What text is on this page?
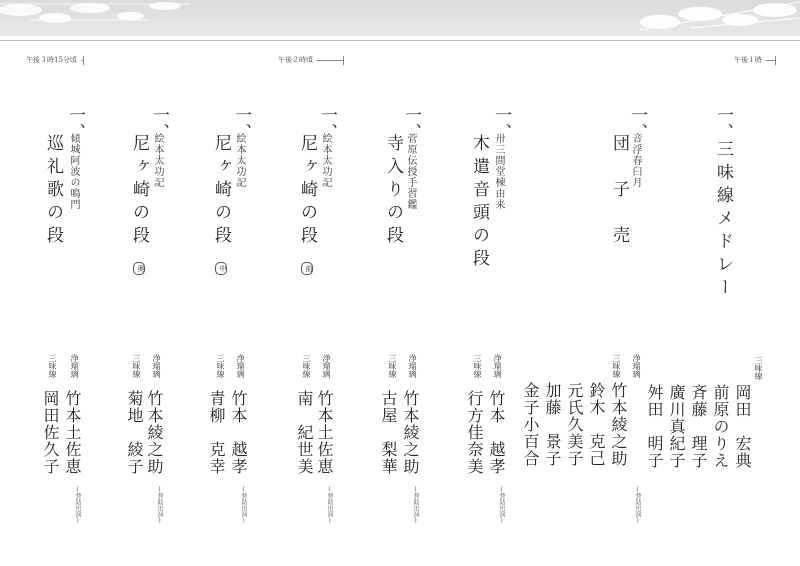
午後３時15分頃	午後２時頃	午後１時
一、
三味線メドレー
三味線
岡田　宏典
前原のりえ
斉藤　理子
廣川真紀子
舛田　明子
一、
音浮春臼月
団　子　売
浄瑠璃
竹本綾之助
(賛助出演)
三味線
鈴木　克己
元氏久美子
加藤　景子
金子小百合
一、
卅三間堂棟由来
木遣音頭の段
浄瑠璃
竹本　越孝
(賛助出演)
三味線
行方佳奈美
一、
菅原伝授手習鑑
寺入りの段
浄瑠璃
竹本綾之助
(賛助出演)
三味線
古屋　梨華
一、
絵本太功記
尼ヶ崎の段
前
浄瑠璃
竹本土佐恵
(賛助出演)
三味線
南　紀世美
一、
絵本太功記
尼ヶ崎の段
中
浄瑠璃
竹本　越孝
(賛助出演)
三味線
青柳　克幸
一、
絵本太功記
尼ヶ崎の段
奥
浄瑠璃
竹本綾之助
(賛助出演)
三味線
菊地　綾子
一、
傾城阿波の鳴門
巡礼歌の段
浄瑠璃
竹本土佐恵
(賛助出演)
三味線
岡田佐久子
